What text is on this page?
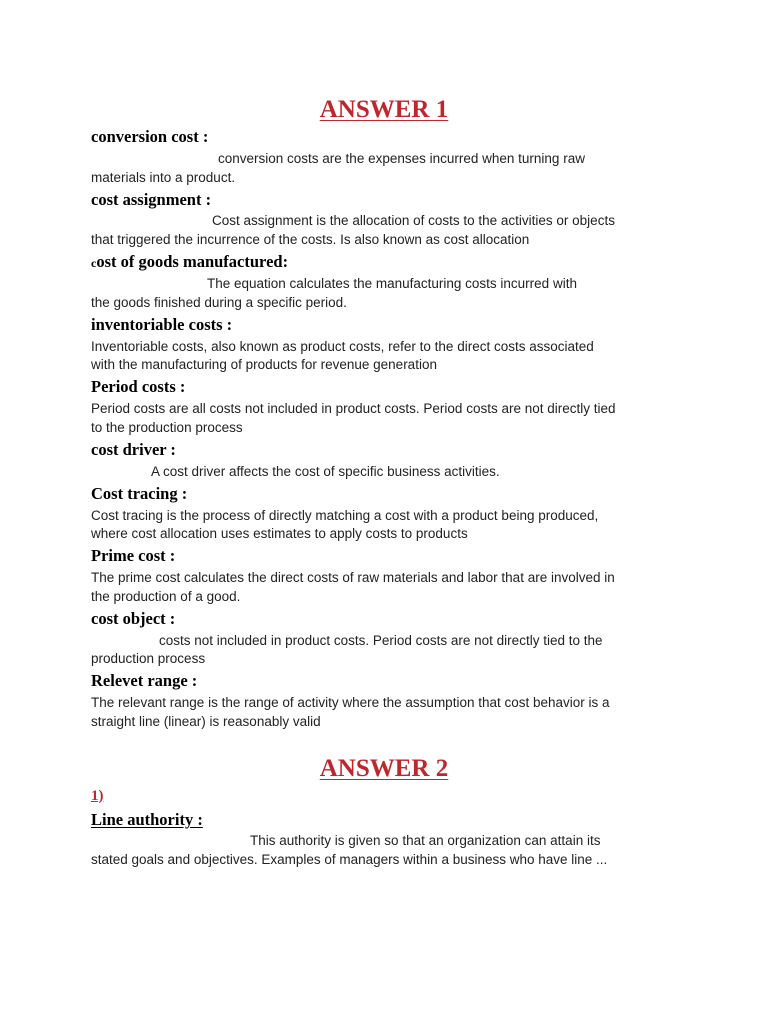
ANSWER 1
conversion cost :
conversion costs are the expenses incurred when turning raw
materials into a product.
cost assignment :
Cost assignment is the allocation of costs to the activities or objects
that triggered the incurrence of the costs. Is also known as cost allocation
cost of goods manufactured:
The equation calculates the manufacturing costs incurred with
the goods finished during a specific period.
inventoriable costs :
Inventoriable costs, also known as product costs, refer to the direct costs associated
with the manufacturing of products for revenue generation
Period costs :
Period costs are all costs not included in product costs. Period costs are not directly tied
to the production process
cost driver :
A cost driver affects the cost of specific business activities.
Cost tracing :
Cost tracing is the process of directly matching a cost with a product being produced,
where cost allocation uses estimates to apply costs to products
Prime cost :
The prime cost calculates the direct costs of raw materials and labor that are involved in
the production of a good.
cost object :
costs not included in product costs. Period costs are not directly tied to the
production process
Relevet range :
The relevant range is the range of activity where the assumption that cost behavior is a
straight line (linear) is reasonably valid
ANSWER 2
1)
Line authority :
This authority is given so that an organization can attain its
stated goals and objectives. Examples of managers within a business who have line ...
